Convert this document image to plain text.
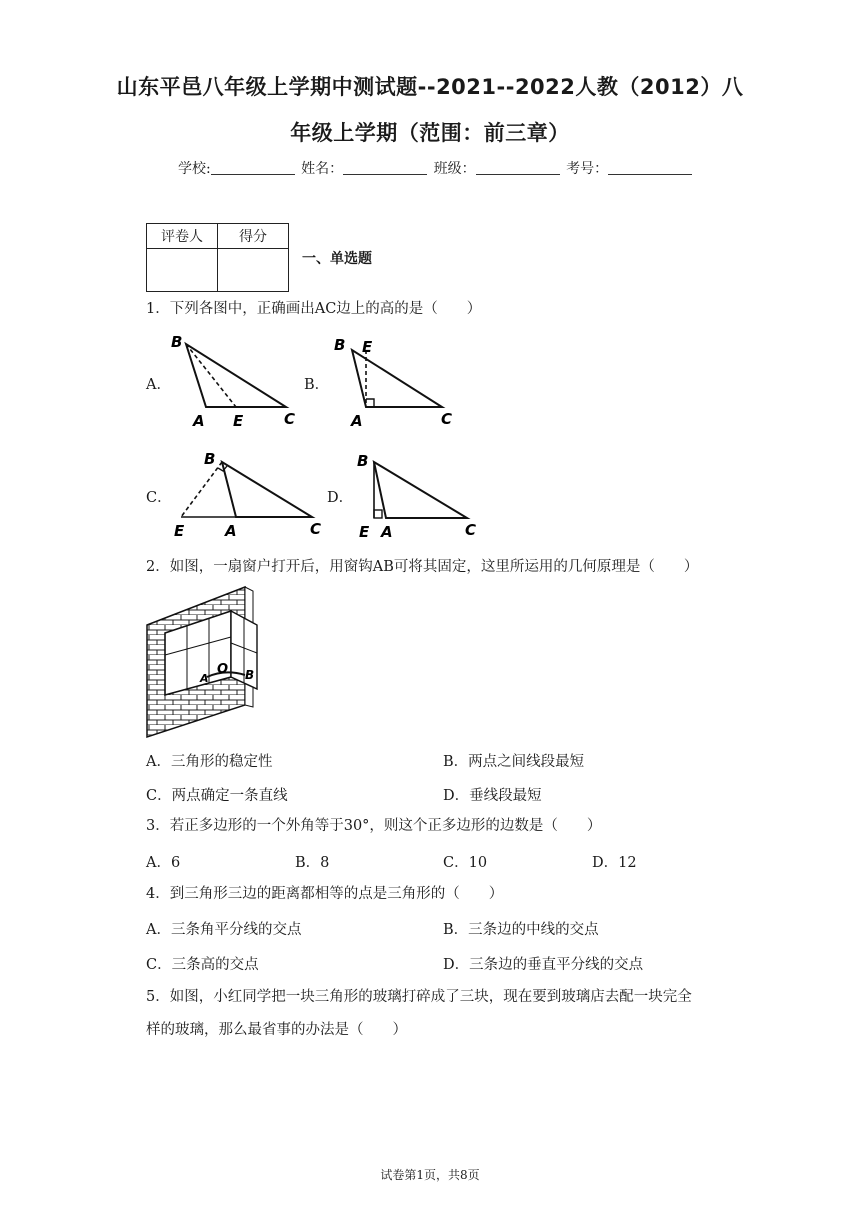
山东平邑八年级上学期中测试题--2021--2022人教（2012）八
年级上学期（范围：前三章）
学校:	姓名：	班级：	考号：
评卷人	得分

一、单选题
1．下列各图中，正确画出AC边上的高的是（　　）
A．
B
A E	C
B．
B E
A	C
C．
B
E	A	C
D．
B
E A	C
2．如图，一扇窗户打开后，用窗钩AB可将其固定，这里所运用的几何原理是（　　）
A
O B
A．三角形的稳定性	B．两点之间线段最短
C．两点确定一条直线	D．垂线段最短
3．若正多边形的一个外角等于30°，则这个正多边形的边数是（　　）
A．6	B．8	C．10	D．12
4．到三角形三边的距离都相等的点是三角形的（　　）
A．三条角平分线的交点	B．三条边的中线的交点
C．三条高的交点	D．三条边的垂直平分线的交点
5．如图，小红同学把一块三角形的玻璃打碎成了三块，现在要到玻璃店去配一块完全
样的玻璃，那么最省事的办法是（　　）
试卷第1页，共8页
